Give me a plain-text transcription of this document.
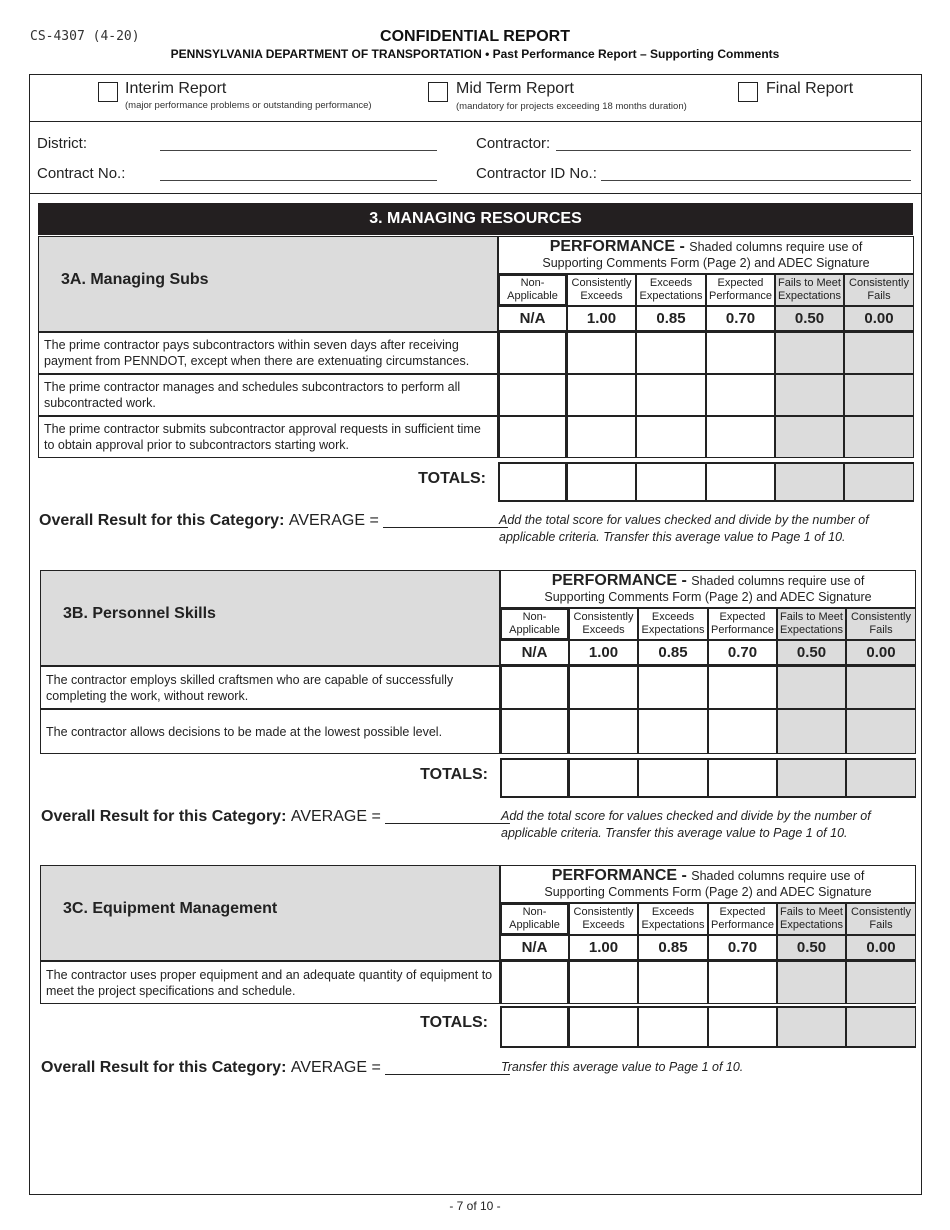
CS-4307 (4-20)	CONFIDENTIAL REPORT
PENNSYLVANIA DEPARTMENT OF TRANSPORTATION • Past Performance Report – Supporting Comments
Interim Report
(major performance problems or outstanding performance)
Mid Term Report
(mandatory for projects exceeding 18 months duration)
Final Report
District:
Contract No.:
Contractor:
Contractor ID No.:
3. MANAGING RESOURCES
3A. Managing Subs
PERFORMANCE - Shaded columns require use of
Supporting Comments Form (Page 2) and ADEC Signature
Non-
Applicable
N/A
Consistently
Exceeds
1.00
Exceeds
Expectations
0.85
Expected
Performance
0.70
Fails to Meet
Expectations
0.50
Consistently
Fails
0.00
The prime contractor pays subcontractors within seven days after receiving
payment from PENNDOT, except when there are extenuating circumstances.
The prime contractor manages and schedules subcontractors to perform all
subcontracted work.
The prime contractor submits subcontractor approval requests in sufficient time
to obtain approval prior to subcontractors starting work.
TOTALS:
Overall Result for this Category: AVERAGE = ______________
Add the total score for values checked and divide by the number of
applicable criteria. Transfer this average value to Page 1 of 10.
3B. Personnel Skills
PERFORMANCE - Shaded columns require use of
Supporting Comments Form (Page 2) and ADEC Signature
Non-
Applicable
N/A
Consistently
Exceeds
1.00
Exceeds
Expectations
0.85
Expected
Performance
0.70
Fails to Meet
Expectations
0.50
Consistently
Fails
0.00
The contractor employs skilled craftsmen who are capable of successfully
completing the work, without rework.
The contractor allows decisions to be made at the lowest possible level.
TOTALS:
Overall Result for this Category: AVERAGE = ______________
Add the total score for values checked and divide by the number of
applicable criteria. Transfer this average value to Page 1 of 10.
3C. Equipment Management
PERFORMANCE - Shaded columns require use of
Supporting Comments Form (Page 2) and ADEC Signature
Non-
Applicable
N/A
Consistently
Exceeds
1.00
Exceeds
Expectations
0.85
Expected
Performance
0.70
Fails to Meet
Expectations
0.50
Consistently
Fails
0.00
The contractor uses proper equipment and an adequate quantity of equipment to
meet the project specifications and schedule.
TOTALS:
Overall Result for this Category: AVERAGE = ______________
Transfer this average value to Page 1 of 10.
- 7 of 10 -
